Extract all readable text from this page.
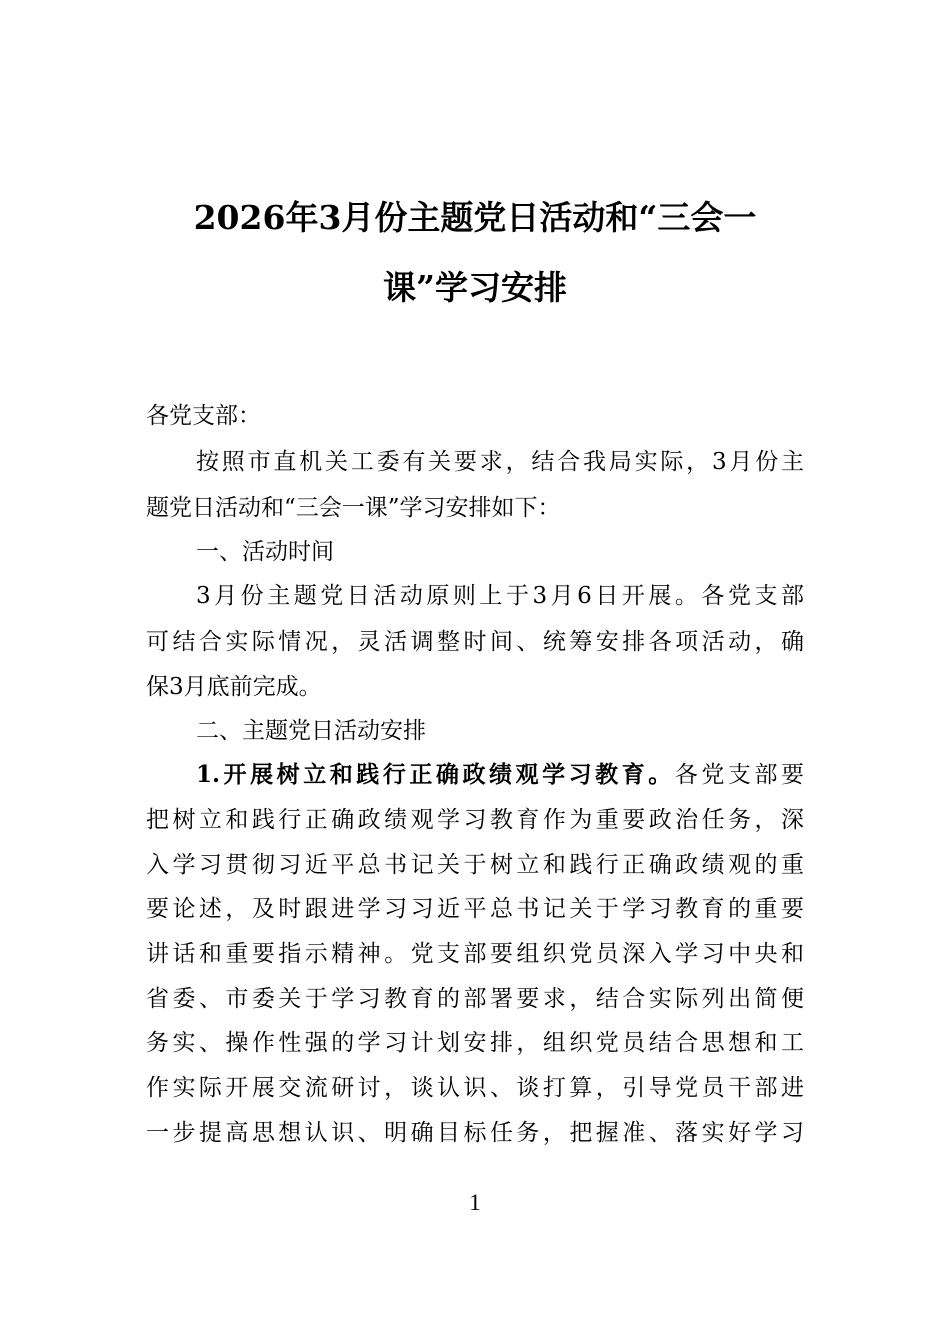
2026年3月份主题党日活动和“三会一
课”学习安排

各党支部：

按照市直机关工委有关要求，结合我局实际，3月份主

题党日活动和“三会一课”学习安排如下：

一、活动时间

3月份主题党日活动原则上于3月6日开展。各党支部

可结合实际情况，灵活调整时间、统筹安排各项活动，确

保3月底前完成。

二、主题党日活动安排

1.开展树立和践行正确政绩观学习教育。各党支部要

把树立和践行正确政绩观学习教育作为重要政治任务，深

入学习贯彻习近平总书记关于树立和践行正确政绩观的重

要论述，及时跟进学习习近平总书记关于学习教育的重要

讲话和重要指示精神。党支部要组织党员深入学习中央和

省委、市委关于学习教育的部署要求，结合实际列出简便

务实、操作性强的学习计划安排，组织党员结合思想和工

作实际开展交流研讨，谈认识、谈打算，引导党员干部进

一步提高思想认识、明确目标任务，把握准、落实好学习

1
